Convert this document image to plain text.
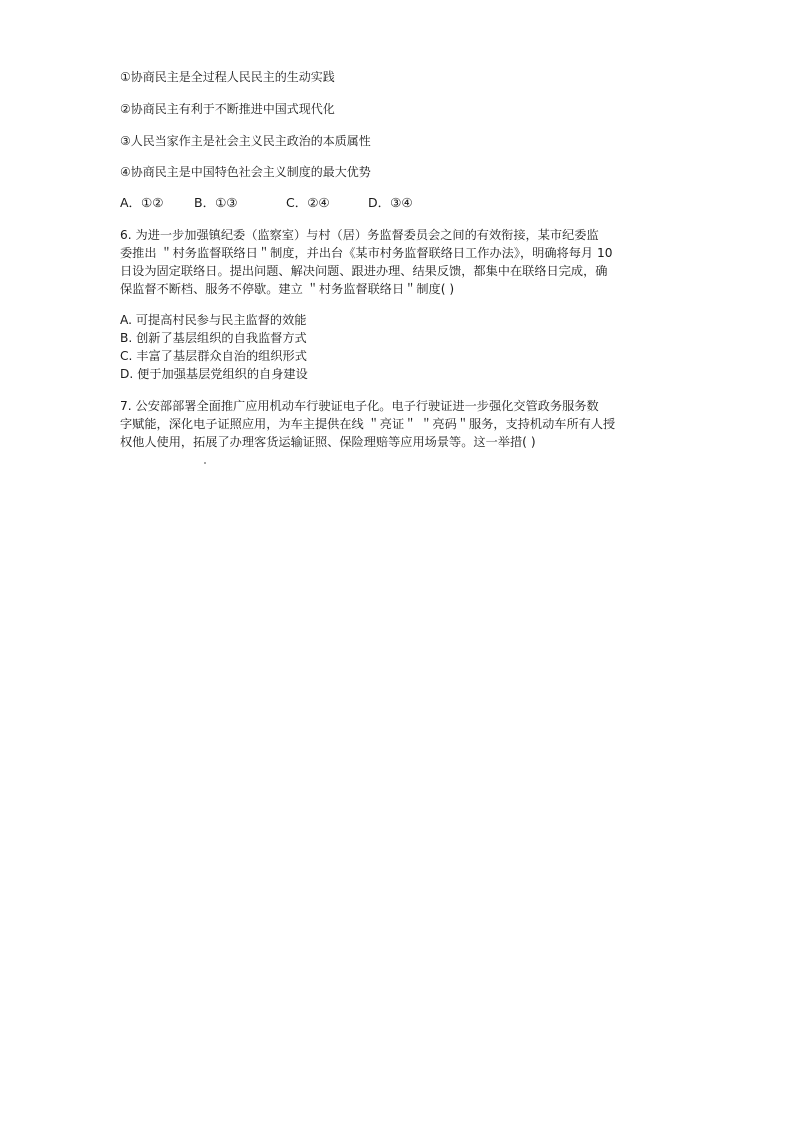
①协商民主是全过程人民民主的生动实践
②协商民主有利于不断推进中国式现代化
③人民当家作主是社会主义民主政治的本质属性
④协商民主是中国特色社会主义制度的最大优势
A．①② B．①③	C．②④	D．③④
6. 为进一步加强镇纪委（监察室）与村（居）务监督委员会之间的有效衔接，某市纪委监
委推出 ＂村务监督联络日＂制度，并出台《某市村务监督联络日工作办法》，明确将每月 10
日设为固定联络日。提出问题、解决问题、跟进办理、结果反馈，都集中在联络日完成，确
保监督不断档、服务不停歇。建立 ＂村务监督联络日＂制度( )
A. 可提高村民参与民主监督的效能
B. 创新了基层组织的自我监督方式
C. 丰富了基层群众自治的组织形式
D. 便于加强基层党组织的自身建设
7. 公安部部署全面推广应用机动车行驶证电子化。电子行驶证进一步强化交管政务服务数
字赋能，深化电子证照应用，为车主提供在线 ＂亮证＂ ＂亮码＂服务，支持机动车所有人授
权他人使用，拓展了办理客货运输证照、保险理赔等应用场景等。这一举措( )
